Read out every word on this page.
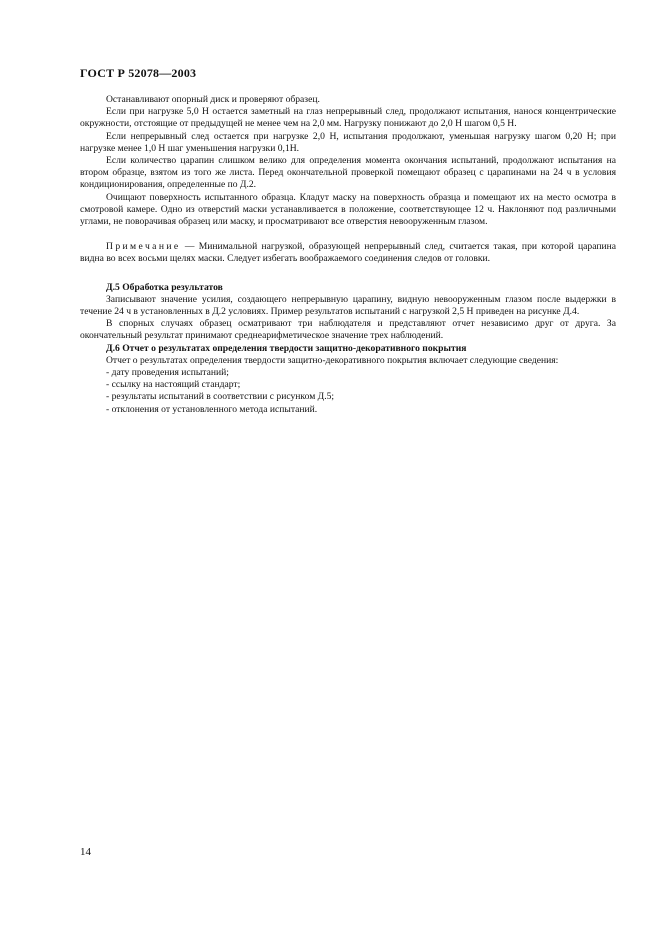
ГОСТ Р 52078—2003

Останавливают опорный диск и проверяют образец.

Если при нагрузке 5,0 Н остается заметный на глаз непрерывный след, продолжают испытания, нанося концентрические окружности, отстоящие от предыдущей не менее чем на 2,0 мм. Нагрузку понижают до 2,0 Н шагом 0,5 Н.

Если непрерывный след остается при нагрузке 2,0 Н, испытания продолжают, уменьшая нагрузку шагом 0,20 Н; при нагрузке менее 1,0 Н шаг уменьшения нагрузки 0,1Н.

Если количество царапин слишком велико для определения момента окончания испытаний, продолжают испытания на втором образце, взятом из того же листа. Перед окончательной проверкой помещают образец с царапинами на 24 ч в условия кондиционирования, определенные по Д.2.

Очищают поверхность испытанного образца. Кладут маску на поверхность образца и помещают их на место осмотра в смотровой камере. Одно из отверстий маски устанавливается в положение, соответствующее 12 ч. Наклоняют под различными углами, не поворачивая образец или маску, и просматривают все отверстия невооруженным глазом.

Примечание — Минимальной нагрузкой, образующей непрерывный след, считается такая, при которой царапина видна во всех восьми щелях маски. Следует избегать воображаемого соединения следов от головки.

Д.5 Обработка результатов

Записывают значение усилия, создающего непрерывную царапину, видную невооруженным глазом после выдержки в течение 24 ч в установленных в Д.2 условиях. Пример результатов испытаний с нагрузкой 2,5 Н приведен на рисунке Д.4.

В спорных случаях образец осматривают три наблюдателя и представляют отчет независимо друг от друга. За окончательный результат принимают среднеарифметическое значение трех наблюдений.

Д.6 Отчет о результатах определения твердости защитно-декоративного покрытия

Отчет о результатах определения твердости защитно-декоративного покрытия включает следующие сведения:

- дату проведения испытаний;

- ссылку на настоящий стандарт;

- результаты испытаний в соответствии с рисунком Д.5;

- отклонения от установленного метода испытаний.

14
